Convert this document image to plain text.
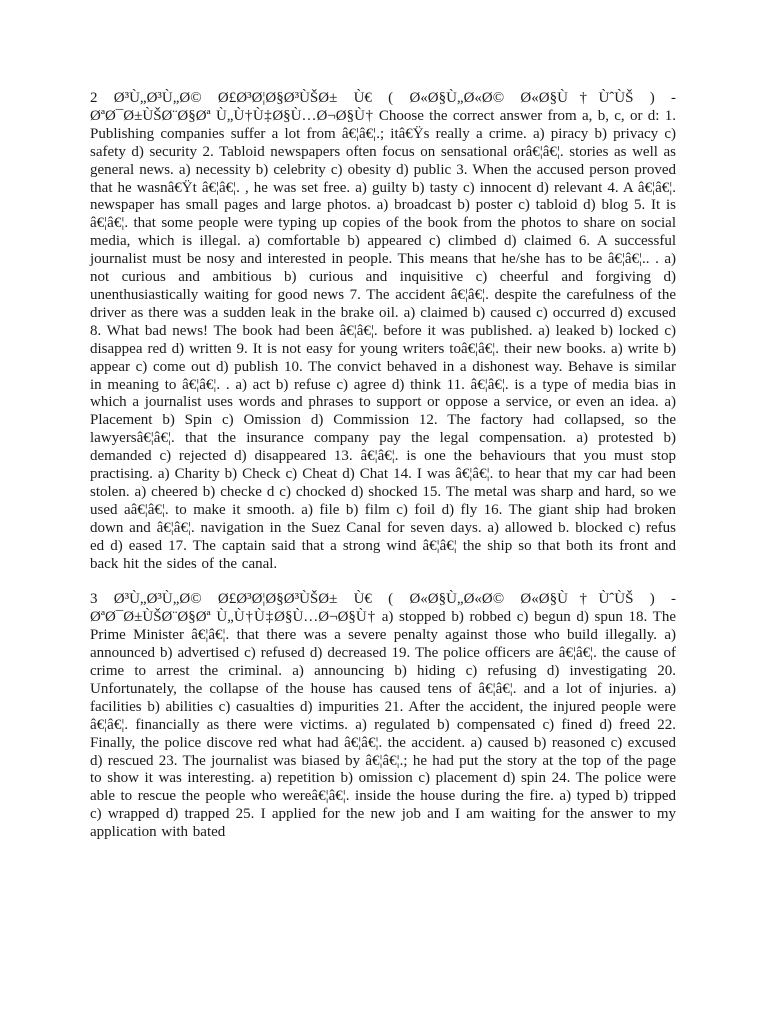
2 Ø³Ù„Ø³Ù„Ø© Ø£Ø³Ø¦Ø§Ø³ÙŠØ± Ù€ ( Ø«Ø§Ù„Ø«Ø© Ø«Ø§Ù†ÙˆÙŠ ) - ØªØ¯Ø±ÙŠØ¨Ø§Øª Ù„Ù†Ù‡Ø§Ù…Ø¬Ø§Ù† Choose the correct answer from a, b, c, or d: 1. Publishing companies suffer a lot from â€¦â€¦.; itâ€Ÿs really a crime. a) piracy b) privacy c) safety d) security 2. Tabloid newspapers often focus on sensational orâ€¦â€¦. stories as well as general news. a) necessity b) celebrity c) obesity d) public 3. When the accused person proved that he wasnâ€Ÿt â€¦â€¦. , he was set free. a) guilty b) tasty c) innocent d) relevant 4. A â€¦â€¦. newspaper has small pages and large photos. a) broadcast b) poster c) tabloid d) blog 5. It is â€¦â€¦. that some people were typing up copies of the book from the photos to share on social media, which is illegal. a) comfortable b) appeared c) climbed d) claimed 6. A successful journalist must be nosy and interested in people. This means that he/she has to be â€¦â€¦.. . a) not curious and ambitious b) curious and inquisitive c) cheerful and forgiving d) unenthusiastically waiting for good news 7. The accident â€¦â€¦. despite the carefulness of the driver as there was a sudden leak in the brake oil. a) claimed b) caused c) occurred d) excused 8. What bad news! The book had been â€¦â€¦. before it was published. a) leaked b) locked c) disappea red d) written 9. It is not easy for young writers toâ€¦â€¦. their new books. a) write b) appear c) come out d) publish 10. The convict behaved in a dishonest way. Behave is similar in meaning to â€¦â€¦. . a) act b) refuse c) agree d) think 11. â€¦â€¦. is a type of media bias in which a journalist uses words and phrases to support or oppose a service, or even an idea. a) Placement b) Spin c) Omission d) Commission 12. The factory had collapsed, so the lawyersâ€¦â€¦. that the insurance company pay the legal compensation. a) protested b) demanded c) rejected d) disappeared 13. â€¦â€¦. is one the behaviours that you must stop practising. a) Charity b) Check c) Cheat d) Chat 14. I was â€¦â€¦. to hear that my car had been stolen. a) cheered b) checke d c) chocked d) shocked 15. The metal was sharp and hard, so we used aâ€¦â€¦. to make it smooth. a) file b) film c) foil d) fly 16. The giant ship had broken down and â€¦â€¦. navigation in the Suez Canal for seven days. a) allowed b. blocked c) refus ed d) eased 17. The captain said that a strong wind â€¦â€¦ the ship so that both its front and back hit the sides of the canal.

3 Ø³Ù„Ø³Ù„Ø© Ø£Ø³Ø¦Ø§Ø³ÙŠØ± Ù€ ( Ø«Ø§Ù„Ø«Ø© Ø«Ø§Ù†ÙˆÙŠ ) - ØªØ¯Ø±ÙŠØ¨Ø§Øª Ù„Ù†Ù‡Ø§Ù…Ø¬Ø§Ù† a) stopped b) robbed c) begun d) spun 18. The Prime Minister â€¦â€¦. that there was a severe penalty against those who build illegally. a) announced b) advertised c) refused d) decreased 19. The police officers are â€¦â€¦. the cause of crime to arrest the criminal. a) announcing b) hiding c) refusing d) investigating 20. Unfortunately, the collapse of the house has caused tens of â€¦â€¦. and a lot of injuries. a) facilities b) abilities c) casualties d) impurities 21. After the accident, the injured people were â€¦â€¦. financially as there were victims. a) regulated b) compensated c) fined d) freed 22. Finally, the police discove red what had â€¦â€¦. the accident. a) caused b) reasoned c) excused d) rescued 23. The journalist was biased by â€¦â€¦.; he had put the story at the top of the page to show it was interesting. a) repetition b) omission c) placement d) spin 24. The police were able to rescue the people who wereâ€¦â€¦. inside the house during the fire. a) typed b) tripped c) wrapped d) trapped 25. I applied for the new job and I am waiting for the answer to my application with bated
